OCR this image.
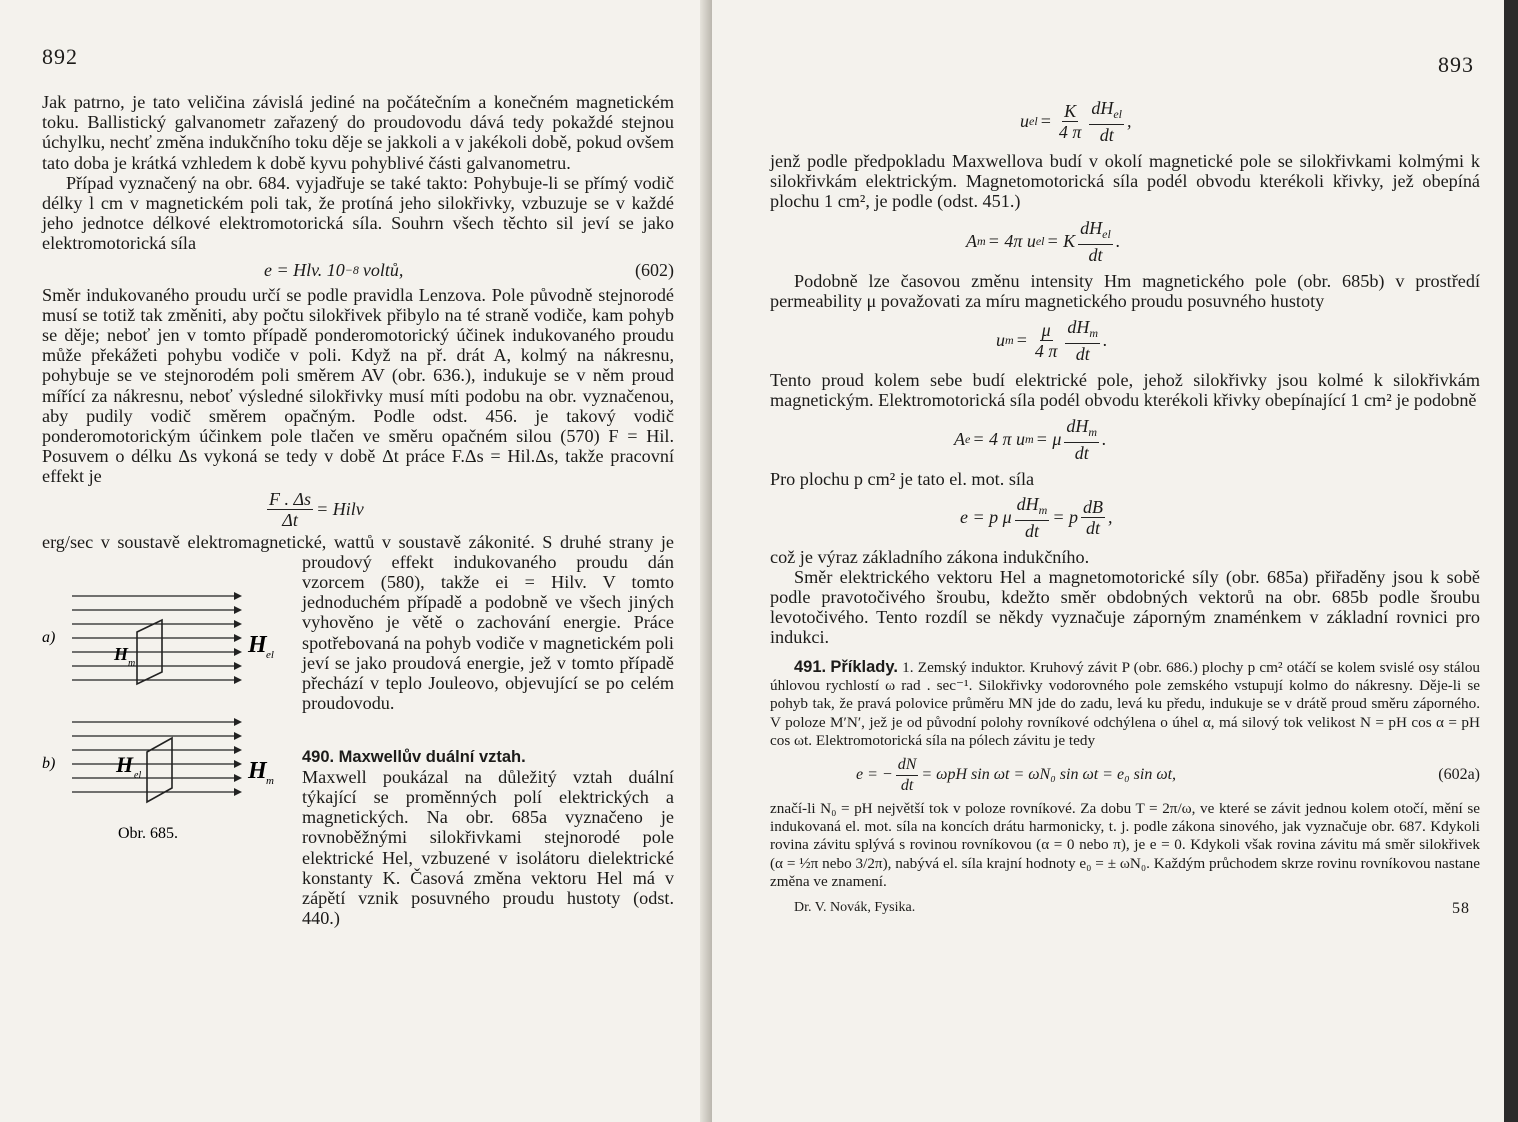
892

Jak patrno, je tato veličina závislá jediné na počátečním a konečném magnetickém toku. Ballistický galvanometr zařazený do proudovodu dává tedy pokaždé stejnou úchylku, nechť změna indukčního toku děje se jakkoli a v jakékoli době, pokud ovšem tato doba je krátká vzhledem k době kyvu pohyblivé části galvanometru.

Případ vyznačený na obr. 684. vyjadřuje se také takto: Pohybuje-li se přímý vodič délky l cm v magnetickém poli tak, že protíná jeho silokřivky, vzbuzuje se v každé jeho jednotce délkové elektromotorická síla. Souhrn všech těchto sil jeví se jako elektromotorická síla

e = Hlv. 10 −8 voltů,	(602)

Směr indukovaného proudu určí se podle pravidla Lenzova. Pole původně stejnorodé musí se totiž tak změniti, aby počtu silokřivek přibylo na té straně vodiče, kam pohyb se děje; neboť jen v tomto případě ponderomotorický účinek indukovaného proudu může překážeti pohybu vodiče v poli. Když na př. drát A, kolmý na nákresnu, pohybuje se ve stejnorodém poli směrem AV (obr. 636.), indukuje se v něm proud mířící za nákresnu, neboť výsledné silokřivky musí míti podobu na obr. vyznačenou, aby pudily vodič směrem opačným. Podle odst. 456. je takový vodič ponderomotorickým účinkem pole tlačen ve směru opačném silou (570) F = Hil. Posuvem o délku Δs vykoná se tedy v době Δt práce F.Δs = Hil.Δs, takže pracovní effekt je

$\frac{F . \Delta s}{\Delta t}$ = Hilv
a)
H m
H el
b)	H el	H m
Obr. 685.

erg/sec v soustavě elektromagnetické, wattů v soustavě zákonité. S druhé strany je proudový effekt indukovaného proudu dán vzorcem (580), takže ei = Hilv. V tomto jednoduchém případě a podobně ve všech jiných vyhověno je větě o zachování energie. Práce spotřebovaná na pohyb vodiče v magnetickém poli jeví se jako proudová energie, jež v tomto případě přechází v teplo Jouleovo, objevující se po celém proudovodu.

490. Maxwellův duální vztah.

Maxwell poukázal na důležitý vztah duální týkající se proměnných polí elektrických a magnetických. Na obr. 685a vyznačeno je rovnoběžnými silokřivkami stejnorodé pole elektrické Hel, vzbuzené v isolátoru dielektrické konstanty K. Časová změna vektoru Hel má v zápětí vznik posuvného proudu hustoty (odst. 440.)

893
u el = $\frac{K}{4 \pi} \frac{dH_{el}}{dt}$ ,

jenž podle předpokladu Maxwellova budí v okolí magnetické pole se silokřivkami kolmými k silokřivkám elektrickým. Magnetomotorická síla podél obvodu kterékoli křivky, jež obepíná plochu 1 cm², je podle (odst. 451.)

A m = 4π u el = K $\frac{dH_{el}}{dt}$ .

Podobně lze časovou změnu intensity Hm magnetického pole (obr. 685b) v prostředí permeability μ považovati za míru magnetického proudu posuvného hustoty

u $m = \frac{\mu}{4 \pi} \frac{dH_m}{dt}$ .

Tento proud kolem sebe budí elektrické pole, jehož silokřivky jsou kolmé k silokřivkám magnetickým. Elektromotorická síla podél obvodu kterékoli křivky obepínající 1 cm² je podobně

A e = 4 π u m = μ $\frac{dH_m}{dt}$ .

Pro plochu p cm² je tato el. mot. síla

e = p μ $\frac{dH_m}{dt} = p \frac{dB}{dt}$ ,

což je výraz základního zákona indukčního.

Směr elektrického vektoru Hel a magnetomotorické síly (obr. 685a) přiřaděny jsou k sobě podle pravotočivého šroubu, kdežto směr obdobných vektorů na obr. 685b podle šroubu levotočivého. Tento rozdíl se někdy vyznačuje záporným znaménkem v základní rovnici pro indukci.

491. Příklady. 1. Zemský induktor. Kruhový závit P (obr. 686.) plochy p cm² otáčí se kolem svislé osy stálou úhlovou rychlostí ω rad . sec⁻¹. Silokřivky vodorovného pole zemského vstupují kolmo do nákresny. Děje-li se pohyb tak, že pravá polovice průměru MN jde do zadu, levá ku předu, indukuje se v drátě proud směru záporného. V poloze M′N′, jež je od původní polohy rovníkové odchýlena o úhel α, má silový tok velikost N = pH cos α = pH cos ωt. Elektromotorická síla na pólech závitu je tedy

e = − $\frac{dN}{dt} = \omega pH$ sin ωt = ωN₀ sin ωt = e₀ sin ωt,	(602a)

značí-li N₀ = pH největší tok v poloze rovníkové. Za dobu T = 2π/ω, ve které se závit jednou kolem otočí, mění se indukovaná el. mot. síla na koncích drátu harmonicky, t. j. podle zákona sinového, jak vyznačuje obr. 687. Kdykoli rovina závitu splývá s rovinou rovníkovou (α = 0 nebo π), je e = 0. Kdykoli však rovina závitu má směr silokřivek (α = ½π nebo 3/2π), nabývá el. síla krajní hodnoty e₀ = ± ωN₀. Každým průchodem skrze rovinu rovníkovou nastane změna ve znamení.

Dr. V. Novák, Fysika.	58
